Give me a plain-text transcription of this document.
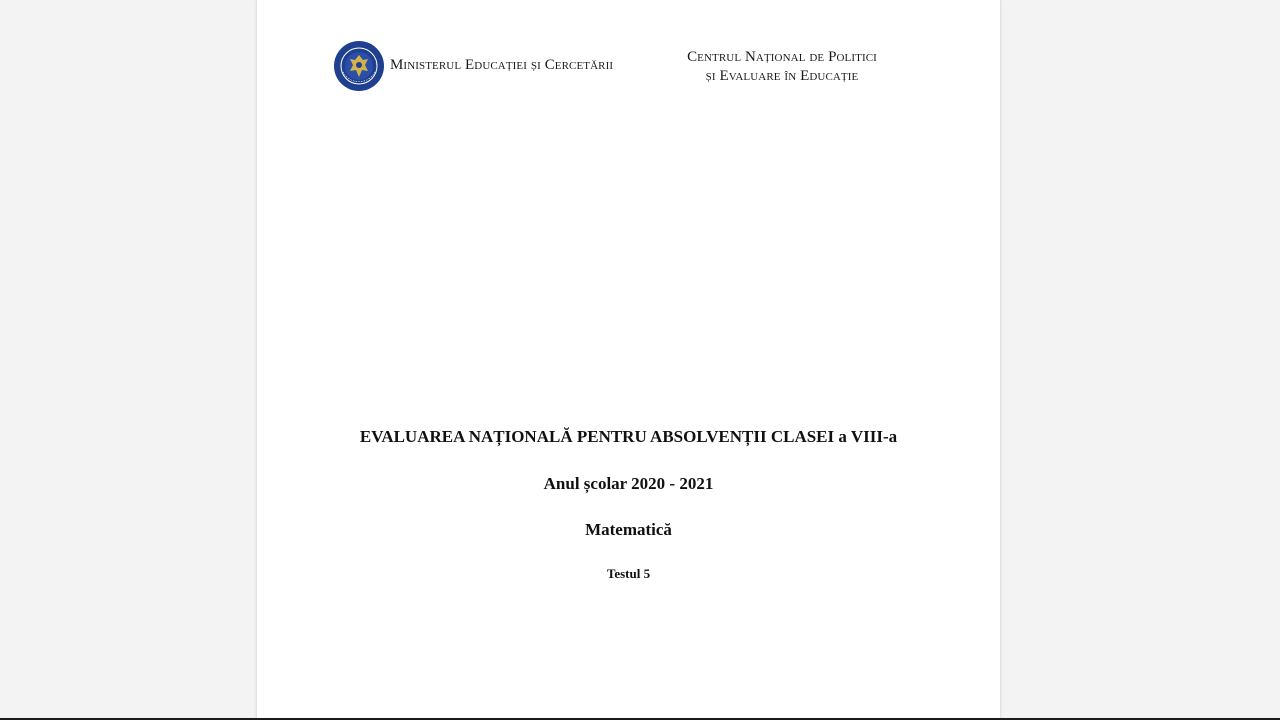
Ministerul Educației și Cercetării	Centrul Național de Politici
și Evaluare în Educație
EVALUAREA NAȚIONALĂ PENTRU ABSOLVENȚII CLASEI a VIII-a
Anul școlar 2020 - 2021
Matematică
Testul 5
